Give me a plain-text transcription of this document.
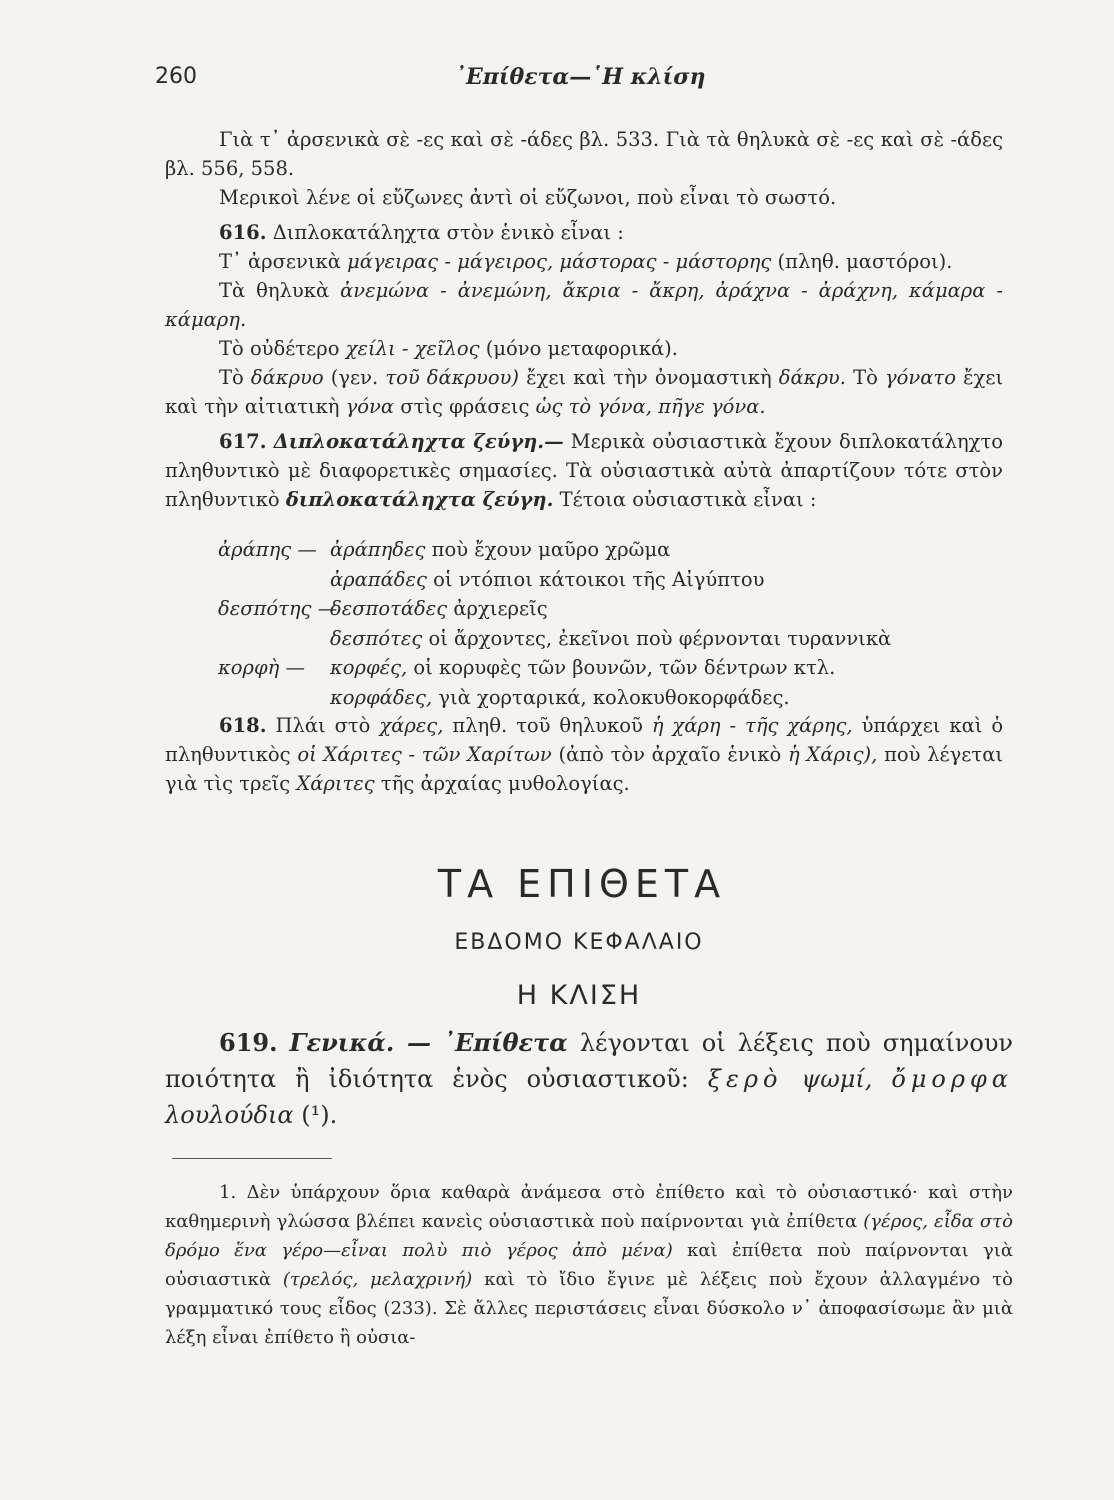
260	᾽Επίθετα—῾Η κλίση

Γιὰ τ᾽ ἀρσενικὰ σὲ -ες καὶ σὲ -άδες βλ. 533. Γιὰ τὰ θηλυκὰ σὲ -ες καὶ σὲ -άδες βλ. 556, 558.

Μερικοὶ λένε οἱ εὔζωνες ἀντὶ οἱ εὔζωνοι, ποὺ εἶναι τὸ σωστό.

616. Διπλοκατάληχτα στὸν ἑνικὸ εἶναι :

Τ᾽ ἀρσενικὰ μάγειρας - μάγειρος, μάστορας - μάστορης (πληθ. μαστόροι).

Τὰ θηλυκὰ ἀνεμώνα - ἀνεμώνη, ἄκρια - ἄκρη, ἀράχνα - ἀράχνη, κάμαρα - κάμαρη.

Τὸ οὐδέτερο χείλι - χεῖλος (μόνο μεταφορικά).

Τὸ δάκρυο (γεν. τοῦ δάκρυου) ἔχει καὶ τὴν ὀνομαστικὴ δάκρυ. Τὸ γόνατο ἔχει καὶ τὴν αἰτιατικὴ γόνα στὶς φράσεις ὡς τὸ γόνα, πῆγε γόνα.

617. Διπλοκατάληχτα ζεύγη.— Μερικὰ οὐσιαστικὰ ἔχουν διπλοκατάληχτο πληθυντικὸ μὲ διαφορετικὲς σημασίες. Τὰ οὐσιαστικὰ αὐτὰ ἀπαρτίζουν τότε στὸν πληθυντικὸ διπλοκατάληχτα ζεύγη. Τέτοια οὐσιαστικὰ εἶναι :

ἀράπης — ἀράπηδες ποὺ ἔχουν μαῦρο χρῶμα
ἀραπάδες οἱ ντόπιοι κάτοικοι τῆς Αἰγύπτου
δεσπότης —
δεσποτάδες ἀρχιερεῖς
δεσπότες οἱ ἄρχοντες, ἐκεῖνοι ποὺ φέρνονται τυραννικὰ
κορφὴ — κορφές, οἱ κορυφὲς τῶν βουνῶν, τῶν δέντρων κτλ.
κορφάδες, γιὰ χορταρικά, κολοκυθοκορφάδες.

618. Πλάι στὸ χάρες, πληθ. τοῦ θηλυκοῦ ἡ χάρη - τῆς χάρης, ὑπάρχει καὶ ὁ πληθυντικὸς οἱ Χάριτες - τῶν Χαρίτων (ἀπὸ τὸν ἀρχαῖο ἑνικὸ ἡ Χάρις), ποὺ λέγεται γιὰ τὶς τρεῖς Χάριτες τῆς ἀρχαίας μυθολογίας.

ΤΑ ΕΠΙΘΕΤΑ
ΕΒΔΟΜΟ ΚΕΦΑΛΑΙΟ
Η ΚΛΙΣΗ

619. Γενικά. — ᾽Επίθετα λέγονται οἱ λέξεις ποὺ σημαίνουν ποιότητα ἢ ἰδιότητα ἑνὸς οὐσιαστικοῦ: ξερὸ ψωμί, ὄμορφα λουλούδια (¹).

1. Δὲν ὑπάρχουν ὅρια καθαρὰ ἀνάμεσα στὸ ἐπίθετο καὶ τὸ οὐσιαστικό· καὶ στὴν καθημερινὴ γλώσσα βλέπει κανεὶς οὐσιαστικὰ ποὺ παίρνονται γιὰ ἐπίθετα (γέρος, εἶδα στὸ δρόμο ἕνα γέρο—εἶναι πολὺ πιὸ γέρος ἀπὸ μένα) καὶ ἐπίθετα ποὺ παίρνονται γιὰ οὐσιαστικὰ (τρελός, μελαχρινή) καὶ τὸ ἴδιο ἔγινε μὲ λέξεις ποὺ ἔχουν ἀλλαγμένο τὸ γραμματικό τους εἶδος (233). Σὲ ἄλλες περιστάσεις εἶναι δύσκολο ν᾽ ἀποφασίσωμε ἂν μιὰ λέξη εἶναι ἐπίθετο ἢ οὐσια-
